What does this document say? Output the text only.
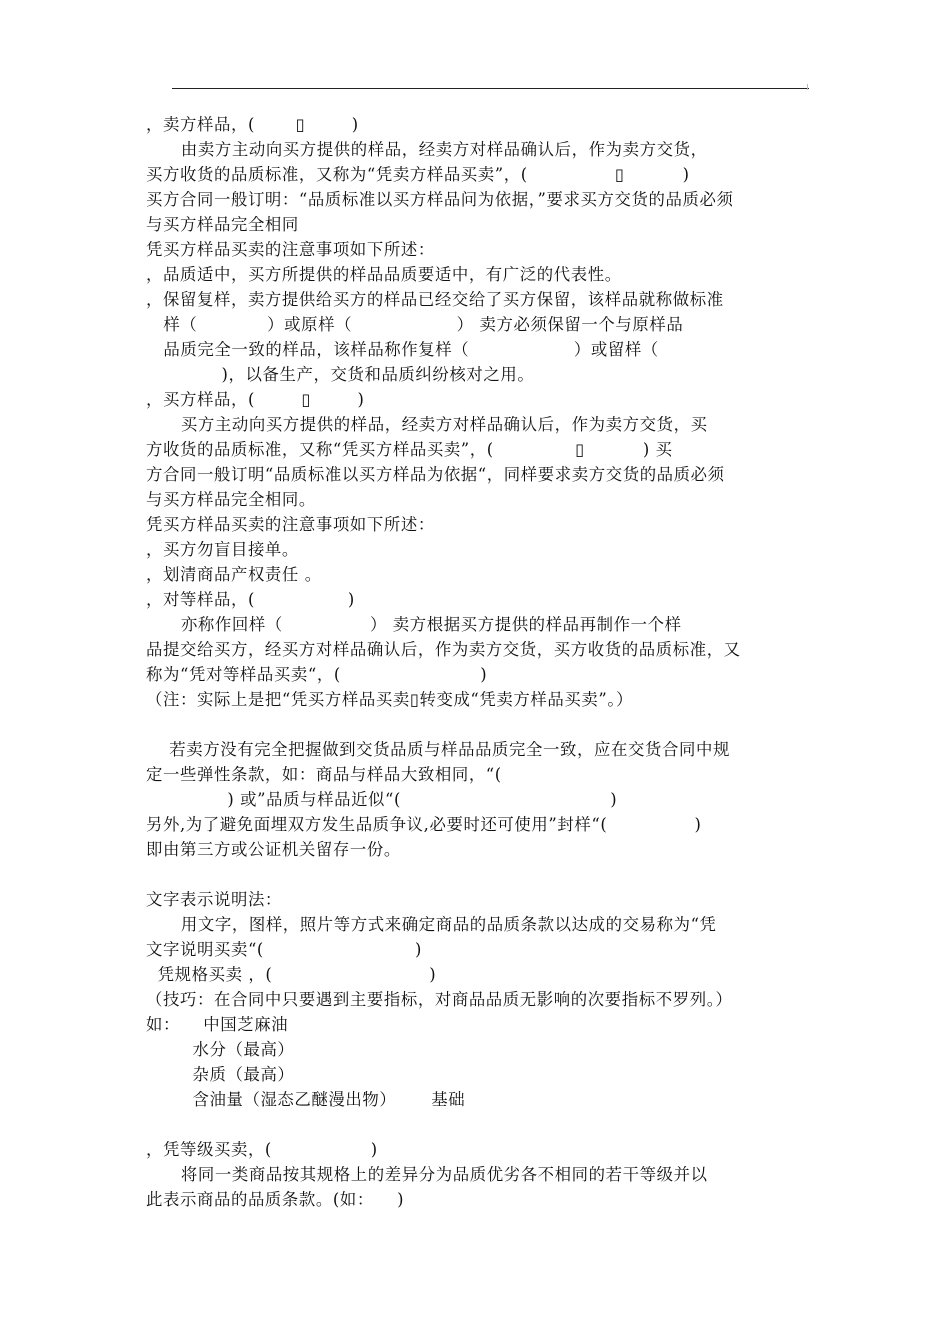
，卖方样品，(       ▯        )
由卖方主动向买方提供的样品，经卖方对样品确认后，作为卖方交货，
买方收货的品质标准，又称为“凭卖方样品买卖”，(               ▯          )
买方合同一般订明：“品质标准以买方样品问为依据，”要求买方交货的品质必须
与买方样品完全相同
凭买方样品买卖的注意事项如下所述：
，品质适中，买方所提供的样品品质要适中，有广泛的代表性。
，保留复样，卖方提供给买方的样品已经交给了买方保留，该样品就称做标准
样（            ）或原样（                  ） 卖方必须保留一个与原样品
品质完全一致的样品，该样品称作复样（                  ）或留样（
)，以备生产，交货和品质纠纷核对之用。
，买方样品，(        ▯        )
买方主动向买方提供的样品，经卖方对样品确认后，作为卖方交货，买
方收货的品质标准，又称“凭买方样品买卖”，(              ▯          ) 买
方合同一般订明“品质标准以买方样品为依据“，同样要求卖方交货的品质必须
与买方样品完全相同。
凭买方样品买卖的注意事项如下所述：
，买方勿盲目接单。
，划清商品产权责任 。
，对等样品，(                )
亦称作回样（               ） 卖方根据买方提供的样品再制作一个样
品提交给买方，经买方对样品确认后，作为卖方交货，买方收货的品质标准，又
称为“凭对等样品买卖“，(                        )
（注：实际上是把“凭买方样品买卖▯转变成“凭卖方样品买卖”。）
若卖方没有完全把握做到交货品质与样品品质完全一致，应在交货合同中规
定一些弹性条款，如：商品与样品大致相同，“(
) 或”品质与样品近似“(                                    )
另外,为了避免面埋双方发生品质争议,必要时还可使用”封样“(               )
即由第三方或公证机关留存一份。
文字表示说明法：
用文字，图样，照片等方式来确定商品的品质条款以达成的交易称为“凭
文字说明买卖“(                          )
凭规格买卖 ，(                           )
（技巧：在合同中只要遇到主要指标，对商品品质无影响的次要指标不罗列。）
如：    中国芝麻油
水分（最高）
杂质（最高）
含油量（湿态乙醚漫出物）      基础
，凭等级买卖，(                 )
将同一类商品按其规格上的差异分为品质优劣各不相同的若干等级并以
此表示商品的品质条款。(如：    )
